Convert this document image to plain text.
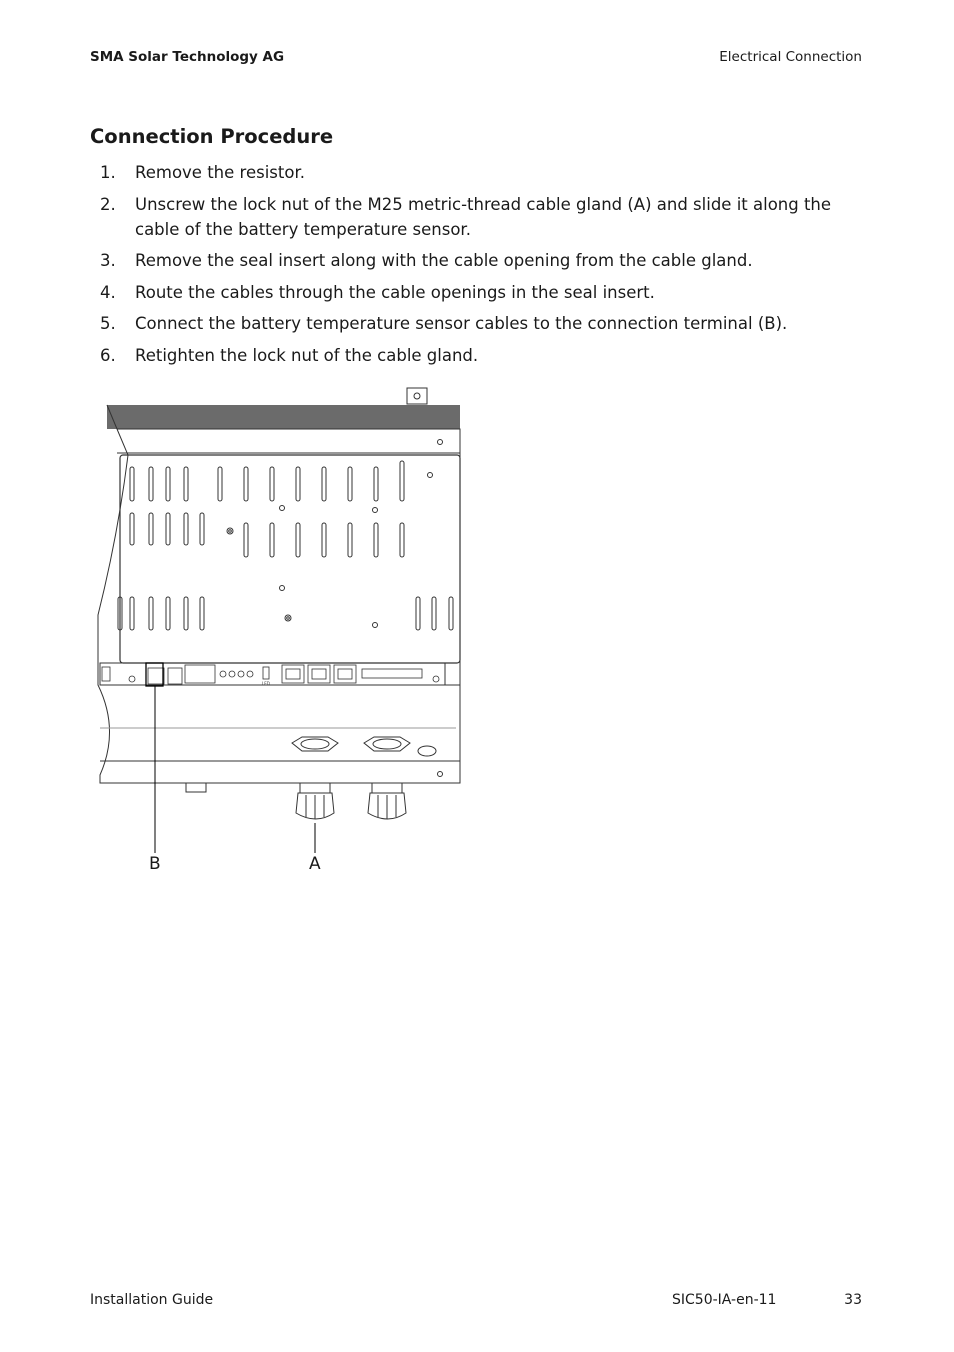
SMA Solar Technology AG	Electrical Connection
Connection Procedure
1. Remove the resistor.
2. Unscrew the lock nut of the M25 metric-thread cable gland (A) and slide it along the cable of the battery temperature sensor.
3. Remove the seal insert along with the cable opening from the cable gland.
4. Route the cables through the cable openings in the seal insert.
5. Connect the battery temperature sensor cables to the connection terminal (B).
6. Retighten the lock nut of the cable gland.
LED
B	A
Installation Guide	SIC50-IA-en-11	33
